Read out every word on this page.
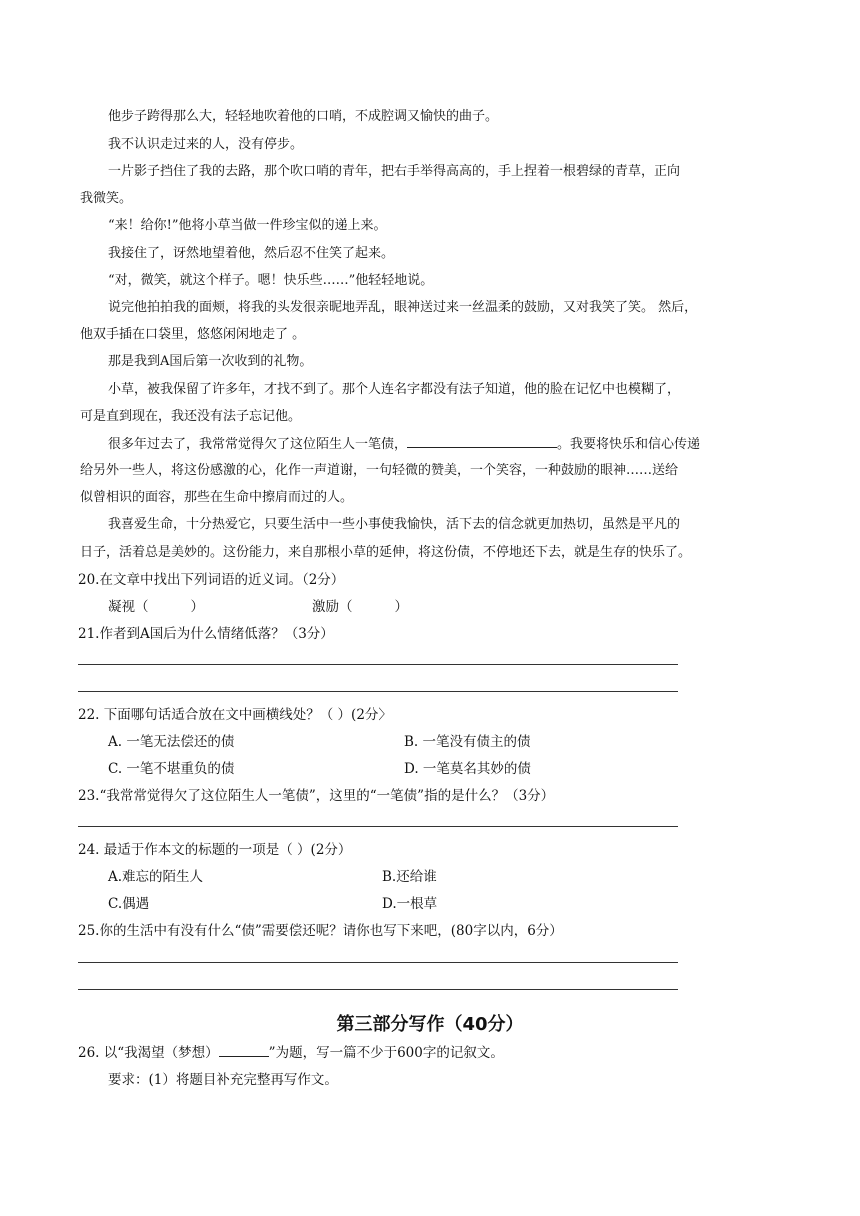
他步子跨得那么大，轻轻地吹着他的口哨，不成腔调又愉快的曲子。
我不认识走过来的人，没有停步。
一片影子挡住了我的去路，那个吹口哨的青年，把右手举得高高的，手上捏着一根碧绿的青草，正向
我微笑。
“来！给你!”他将小草当做一件珍宝似的递上来。
我接住了，讶然地望着他，然后忍不住笑了起来。
“对，微笑，就这个样子。嗯！快乐些……”他轻轻地说。
说完他拍拍我的面颊，将我的头发很亲昵地弄乱，眼神送过来一丝温柔的鼓励，又对我笑了笑。 然后，
他双手插在口袋里，悠悠闲闲地走了 。
那是我到A国后第一次收到的礼物。
小草，被我保留了许多年，才找不到了。那个人连名字都没有法子知道，他的脸在记忆中也模糊了，
可是直到现在，我还没有法子忘记他。
很多年过去了，我常常觉得欠了这位陌生人一笔债，	。我要将快乐和信心传递
给另外一些人，将这份感激的心，化作一声道谢，一句轻微的赞美，一个笑容，一种鼓励的眼神……送给
似曾相识的面容，那些在生命中擦肩而过的人。
我喜爱生命，十分热爱它，只要生活中一些小事使我愉快，活下去的信念就更加热切，虽然是平凡的
日子，活着总是美妙的。这份能力，来自那根小草的延伸，将这份债，不停地还下去，就是生存的快乐了。
20.在文章中找出下列词语的近义词。（2分）
凝视（	）	激励（	）
21.作者到A国后为什么情绪低落？（3分）
22. 下面哪句话适合放在文中画横线处？（ ）(2分〉
A. 一笔无法偿还的债	B. 一笔没有债主的债
C. 一笔不堪重负的债	D. 一笔莫名其妙的债
23.“我常常觉得欠了这位陌生人一笔债”，这里的“一笔债”指的是什么？（3分）
24. 最适于作本文的标题的一项是（ ）(2分）
A.难忘的陌生人	B.还给谁
C.偶遇	D.一根草
25.你的生活中有没有什么“债”需要偿还呢？请你也写下来吧，(80字以内，6分）
第三部分写作（40分）
26. 以“我渴望（梦想）	”为题，写一篇不少于600字的记叙文。
要求：(1）将题目补充完整再写作文。
